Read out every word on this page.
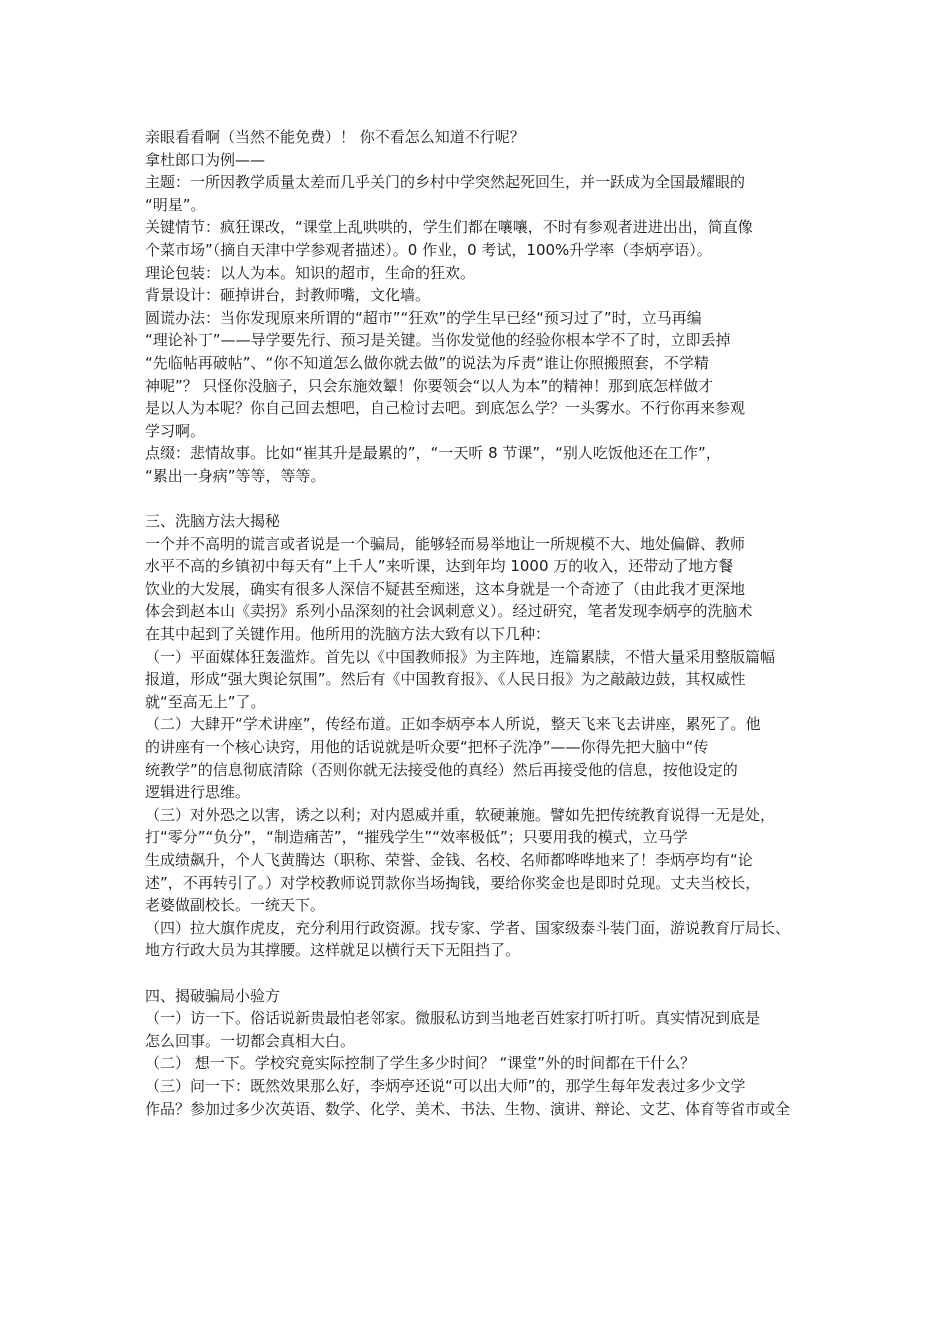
亲眼看看啊（当然不能免费）！ 你不看怎么知道不行呢？
拿杜郎口为例——
主题：一所因教学质量太差而几乎关门的乡村中学突然起死回生，并一跃成为全国最耀眼的
“明星”。
关键情节：疯狂课改，“课堂上乱哄哄的，学生们都在嚷嚷，不时有参观者进进出出，简直像
个菜市场”（摘自天津中学参观者描述）。0 作业，0 考试，100%升学率（李炳亭语）。
理论包装：以人为本。知识的超市，生命的狂欢。
背景设计：砸掉讲台，封教师嘴，文化墙。
圆谎办法：当你发现原来所谓的“超市”“狂欢”的学生早已经“预习过了”时，立马再编
“理论补丁”——导学要先行、预习是关键。当你发觉他的经验你根本学不了时，立即丢掉
“先临帖再破帖”、“你不知道怎么做你就去做”的说法为斥责“谁让你照搬照套，不学精
神呢”？ 只怪你没脑子，只会东施效颦！你要领会“以人为本”的精神！那到底怎样做才
是以人为本呢？你自己回去想吧，自己检讨去吧。到底怎么学？一头雾水。不行你再来参观
学习啊。
点缀：悲情故事。比如“崔其升是最累的”，“一天听 8 节课”，“别人吃饭他还在工作”，
“累出一身病”等等，等等。
三、洗脑方法大揭秘
一个并不高明的谎言或者说是一个骗局，能够轻而易举地让一所规模不大、地处偏僻、教师
水平不高的乡镇初中每天有“上千人”来听课，达到年均 1000 万的收入，还带动了地方餐
饮业的大发展，确实有很多人深信不疑甚至痴迷，这本身就是一个奇迹了（由此我才更深地
体会到赵本山《卖拐》系列小品深刻的社会讽刺意义）。经过研究，笔者发现李炳亭的洗脑术
在其中起到了关键作用。他所用的洗脑方法大致有以下几种：
（一）平面媒体狂轰滥炸。首先以《中国教师报》为主阵地，连篇累牍，不惜大量采用整版篇幅
报道，形成“强大舆论氛围”。然后有《中国教育报》、《人民日报》为之敲敲边鼓，其权威性
就“至高无上”了。
（二）大肆开“学术讲座”，传经布道。正如李炳亭本人所说，整天飞来飞去讲座，累死了。他
的讲座有一个核心诀窍，用他的话说就是听众要“把杯子洗净”——你得先把大脑中“传
统教学”的信息彻底清除（否则你就无法接受他的真经）然后再接受他的信息，按他设定的
逻辑进行思维。
（三）对外恐之以害，诱之以利；对内恩威并重，软硬兼施。譬如先把传统教育说得一无是处，
打“零分”“负分”，“制造痛苦”，“摧残学生”“效率极低”；只要用我的模式，立马学
生成绩飙升，个人飞黄腾达（职称、荣誉、金钱、名校、名师都哗哗地来了！李炳亭均有“论
述”，不再转引了。）对学校教师说罚款你当场掏钱，要给你奖金也是即时兑现。丈夫当校长，
老婆做副校长。一统天下。
（四）拉大旗作虎皮，充分利用行政资源。找专家、学者、国家级泰斗装门面，游说教育厅局长、
地方行政大员为其撑腰。这样就足以横行天下无阻挡了。
四、揭破骗局小验方
（一）访一下。俗话说新贵最怕老邻家。微服私访到当地老百姓家打听打听。真实情况到底是
怎么回事。一切都会真相大白。
（二） 想一下。学校究竟实际控制了学生多少时间？ “课堂”外的时间都在干什么？
（三）问一下：既然效果那么好，李炳亭还说“可以出大师”的，那学生每年发表过多少文学
作品？参加过多少次英语、数学、化学、美术、书法、生物、演讲、辩论、文艺、体育等省市或全
